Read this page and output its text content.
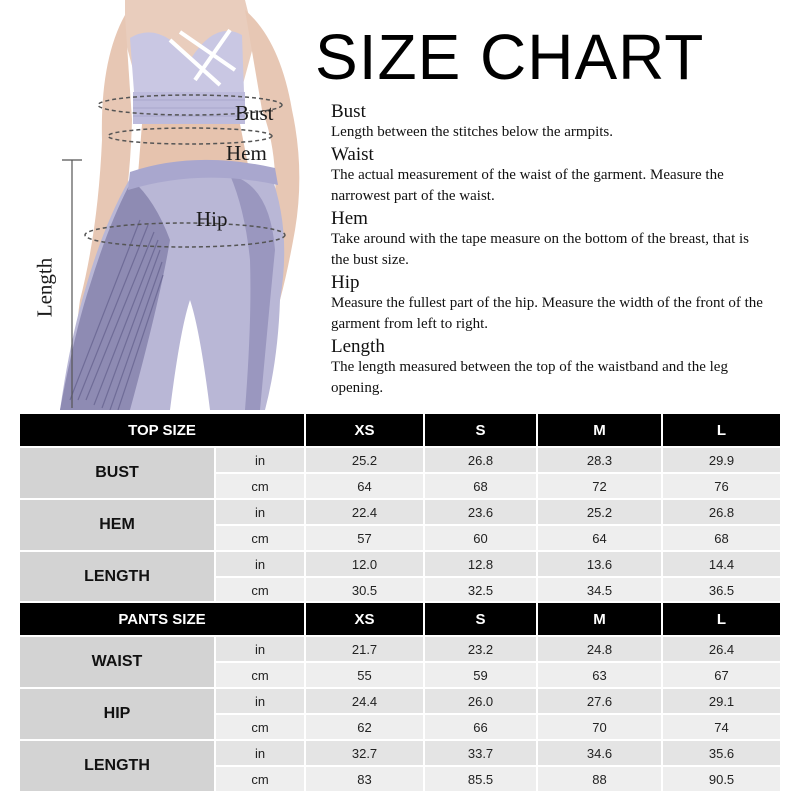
Bust
Hem
Hip
Length
SIZE CHART
Bust
Length between the stitches below the armpits.
Waist
The actual measurement of the waist of the garment. Measure the narrowest part of the waist.
Hem
Take around with the tape measure on the bottom of the breast, that is the bust size.
Hip
Measure the fullest part of the hip. Measure the width of the front of the garment from left to right.
Length
The length measured between the top of the waistband and the leg opening.
TOP SIZE		XS	S	M	L
BUST	in	25.2	26.8	28.3	29.9
	cm	64	68	72	76
HEM	in	22.4	23.6	25.2	26.8
	cm	57	60	64	68
LENGTH	in	12.0	12.8	13.6	14.4
	cm	30.5	32.5	34.5	36.5
PANTS SIZE		XS	S	M	L
WAIST	in	21.7	23.2	24.8	26.4
	cm	55	59	63	67
HIP	in	24.4	26.0	27.6	29.1
	cm	62	66	70	74
LENGTH	in	32.7	33.7	34.6	35.6
	cm	83	85.5	88	90.5
